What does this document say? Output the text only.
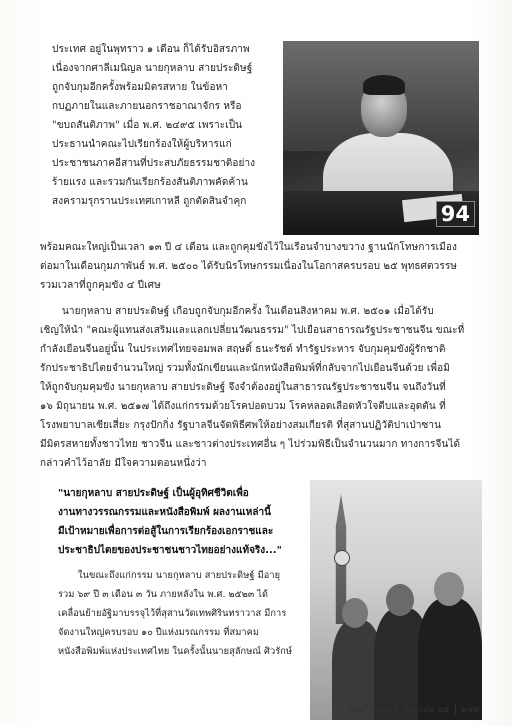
ประเทศ อยู่ในพุทราว ๑ เดือน ก็ได้รับอิสรภาพ
เนื่องจากศาลีเมนิญล นายกุหลาบ สายประดิษฐ์
ถูกจับกุมอีกครั้งพร้อมมิตรสหาย ในข้อหา
กบฏภายในและภายนอกราชอาณาจักร หรือ
"ขบถสันติภาพ" เมื่อ พ.ศ. ๒๔๙๕ เพราะเป็น
ประธานนำคณะไปเรียกร้องให้ผู้บริหารแก่
ประชาชนภาคอีสานที่ประสบภัยธรรมชาติอย่าง
ร้ายแรง และรวมกันเรียกร้องสันติภาพคัดค้าน
สงครามรุกรานประเทศเกาหลี ถูกตัดสินจำคุก
94
พร้อมคณะใหญ่เป็นเวลา ๑๓ ปี ๔ เดือน และถูกคุมขังไว้ในเรือนจำบางขวาง ฐานนักโทษการเมือง
ต่อมาในเดือนกุมภาพันธ์ พ.ศ. ๒๕๐๐ ได้รับนิรโทษกรรมเนื่องในโอกาสครบรอบ ๒๕ พุทธศตวรรษ
รวมเวลาที่ถูกคุมขัง ๔ ปีเศษ
นายกุหลาบ สายประดิษฐ์ เกือบถูกจับกุมอีกครั้ง ในเดือนสิงหาคม พ.ศ. ๒๕๐๑ เมื่อได้รับ
เชิญให้นำ "คณะผู้แทนส่งเสริมและแลกเปลี่ยนวัฒนธรรม" ไปเยือนสาธารณรัฐประชาชนจีน ขณะที่
กำลังเยือนจีนอยู่นั้น ในประเทศไทยจอมพล สฤษดิ์ ธนะรัชต์ ทำรัฐประหาร จับกุมคุมขังผู้รักชาติ
รักประชาธิปไตยจำนวนใหญ่ รวมทั้งนักเขียนและนักหนังสือพิมพ์ที่กลับจากไปเยือนจีนด้วย เพื่อมิ
ให้ถูกจับกุมคุมขัง นายกุหลาบ สายประดิษฐ์ จึงจำต้องอยู่ในสาธารณรัฐประชาชนจีน จนถึงวันที่
๑๖ มิถุนายน พ.ศ. ๒๕๑๗ ได้ถึงแก่กรรมด้วยโรคปอดบวม โรคหลอดเลือดหัวใจตีบและอุดตัน ที่
โรงพยาบาลเซียเสี่ยะ กรุงปักกิ่ง รัฐบาลจีนจัดพิธีศพให้อย่างสมเกียรติ ที่สุสานปฏิวัติปาเป่าซาน
มีมิตรสหายทั้งชาวไทย ชาวจีน และชาวต่างประเทศอื่น ๆ ไปร่วมพิธีเป็นจำนวนมาก ทางการจีนได้
กล่าวคำไว้อาลัย มีใจความตอนหนึ่งว่า
"นายกุหลาบ สายประดิษฐ์ เป็นผู้อุทิศชีวิตเพื่อ
งานทางวรรณกรรมและหนังสือพิมพ์ ผลงานเหล่านี้
มีเป้าหมายเพื่อการต่อสู้ในการเรียกร้องเอกราชและ
ประชาธิปไตยของประชาชนชาวไทยอย่างแท้จริง..."
ในขณะถึงแก่กรรม นายกุหลาบ สายประดิษฐ์ มีอายุ
รวม ๖๙ ปี ๓ เดือน ๓ วัน ภายหลังใน พ.ศ. ๒๕๒๓ ได้
เคลื่อนย้ายอัฐิมาบรรจุไว้ที่สุสานวัดเทพศิรินทราวาส มีการ
จัดงานใหญ่ครบรอบ ๑๐ ปีแห่งมรณกรรม ที่สมาคม
หนังสือพิมพ์แห่งประเทศไทย ในครั้งนั้นนายสุลักษณ์ ศิวรักษ์
หอพรีบุคพลสำคัญ เล่ม ๒๕ ๑๔๙
